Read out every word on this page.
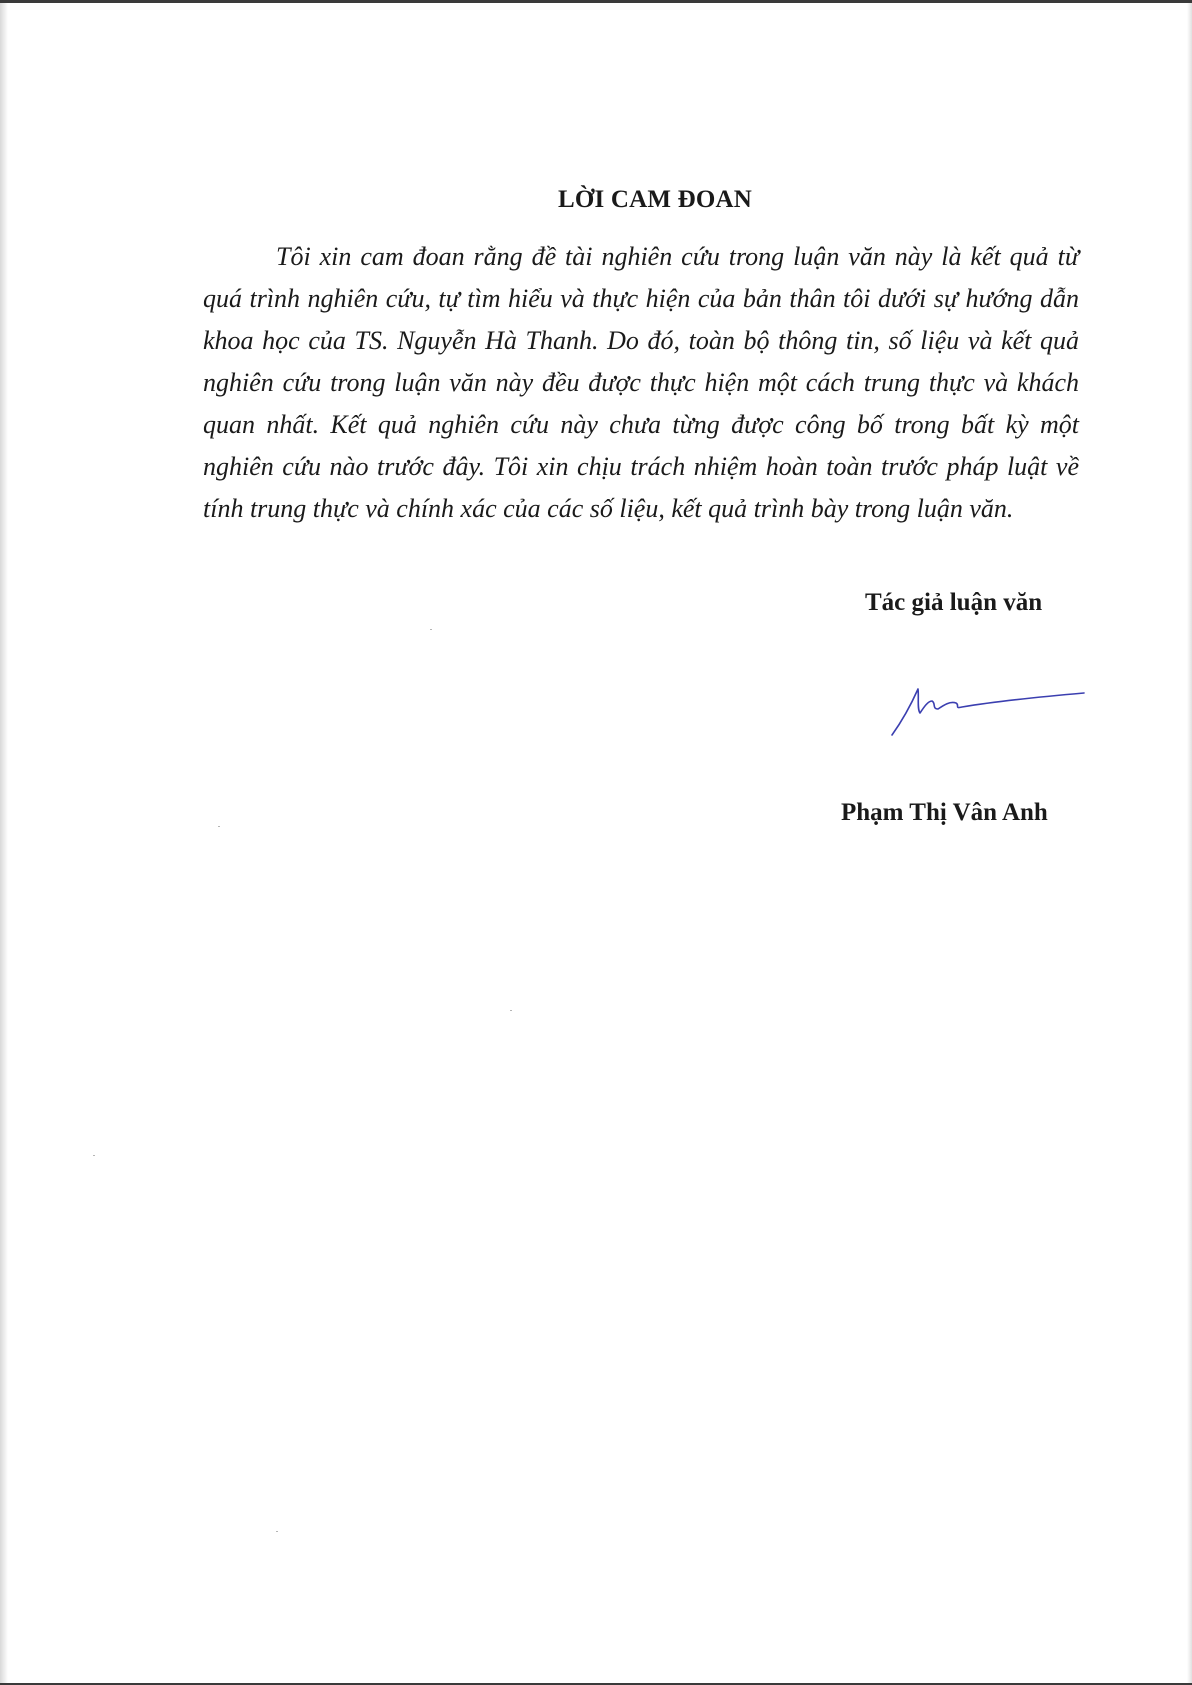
LỜI CAM ĐOAN

Tôi xin cam đoan rằng đề tài nghiên cứu trong luận văn này là kết quả từ quá trình nghiên cứu, tự tìm hiểu và thực hiện của bản thân tôi dưới sự hướng dẫn khoa học của TS. Nguyễn Hà Thanh. Do đó, toàn bộ thông tin, số liệu và kết quả nghiên cứu trong luận văn này đều được thực hiện một cách trung thực và khách quan nhất. Kết quả nghiên cứu này chưa từng được công bố trong bất kỳ một nghiên cứu nào trước đây. Tôi xin chịu trách nhiệm hoàn toàn trước pháp luật về tính trung thực và chính xác của các số liệu, kết quả trình bày trong luận văn.

Tác giả luận văn
Phạm Thị Vân Anh
